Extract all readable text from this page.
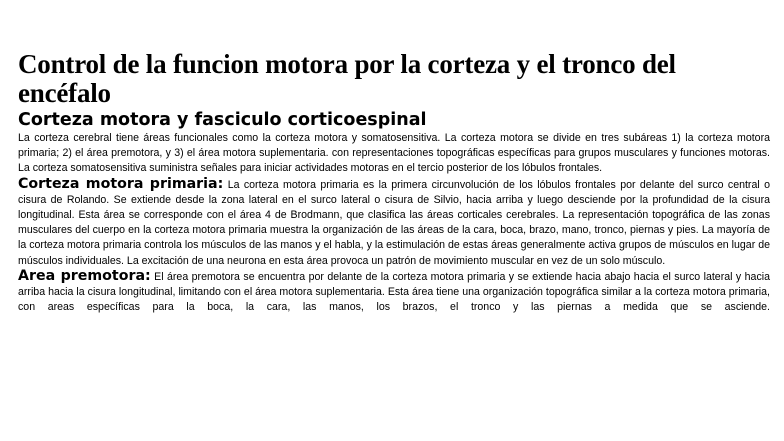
Control de la funcion motora por la corteza y el tronco del encéfalo
Corteza motora y fasciculo corticoespinal

La corteza cerebral tiene áreas funcionales como la corteza motora y somatosensitiva. La corteza motora se divide en tres subáreas 1) la corteza motora primaria; 2) el área premotora, y 3) el área motora suplementaria. con representaciones topográficas específicas para grupos musculares y funciones motoras. La corteza somatosensitiva suministra señales para iniciar actividades motoras en el tercio posterior de los lóbulos frontales.

Corteza motora primaria: La corteza motora primaria es la primera circunvolución de los lóbulos frontales por delante del surco central o cisura de Rolando. Se extiende desde la zona lateral en el surco lateral o cisura de Silvio, hacia arriba y luego desciende por la profundidad de la cisura longitudinal. Esta área se corresponde con el área 4 de Brodmann, que clasifica las áreas corticales cerebrales. La representación topográfica de las zonas musculares del cuerpo en la corteza motora primaria muestra la organización de las áreas de la cara, boca, brazo, mano, tronco, piernas y pies. La mayoría de la corteza motora primaria controla los músculos de las manos y el habla, y la estimulación de estas áreas generalmente activa grupos de músculos en lugar de músculos individuales. La excitación de una neurona en esta área provoca un patrón de movimiento muscular en vez de un solo músculo.

Area premotora: El área premotora se encuentra por delante de la corteza motora primaria y se extiende hacia abajo hacia el surco lateral y hacia arriba hacia la cisura longitudinal, limitando con el área motora suplementaria. Esta área tiene una organización topográfica similar a la corteza motora primaria, con areas específicas para la boca, la cara, las manos, los brazos, el tronco y las piernas a medida que se asciende.
